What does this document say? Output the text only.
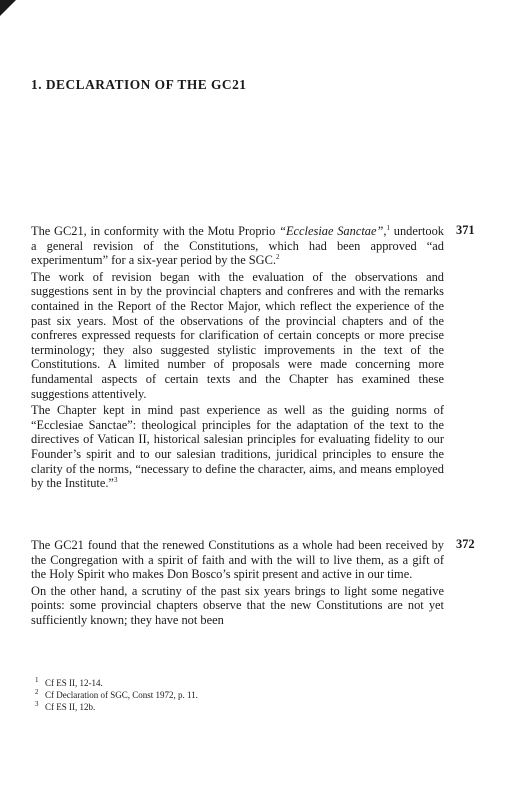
1. DECLARATION OF THE GC21
371

The GC21, in conformity with the Motu Proprio “Ecclesiae Sanctae”,$^1$ undertook a general revision of the Constitutions, which had been approved “ad experimentum” for a six-year period by the SGC.$^2$

The work of revision began with the evaluation of the observations and suggestions sent in by the provincial chapters and confreres and with the remarks contained in the Report of the Rector Major, which reflect the experience of the past six years. Most of the observations of the provincial chapters and of the confreres expressed requests for clarification of certain concepts or more precise terminology; they also suggested stylistic improvements in the text of the Constitutions. A limited number of proposals were made concerning more fundamental aspects of certain texts and the Chapter has examined these suggestions attentively.

The Chapter kept in mind past experience as well as the guiding norms of “Ecclesiae Sanctae”: theological principles for the adaptation of the text to the directives of Vatican II, historical salesian principles for evaluating fidelity to our Founder’s spirit and to our salesian traditions, juridical principles to ensure the clarity of the norms, “necessary to define the character, aims, and means employed by the Institute.”$^3$

372

The GC21 found that the renewed Constitutions as a whole had been received by the Congregation with a spirit of faith and with the will to live them, as a gift of the Holy Spirit who makes Don Bosco’s spirit present and active in our time.

On the other hand, a scrutiny of the past six years brings to light some negative points: some provincial chapters observe that the new Constitutions are not yet sufficiently known; they have not been

1 Cf ES II, 12-14.
2 Cf Declaration of SGC, Const 1972, p. 11.
3 Cf ES II, 12b.
